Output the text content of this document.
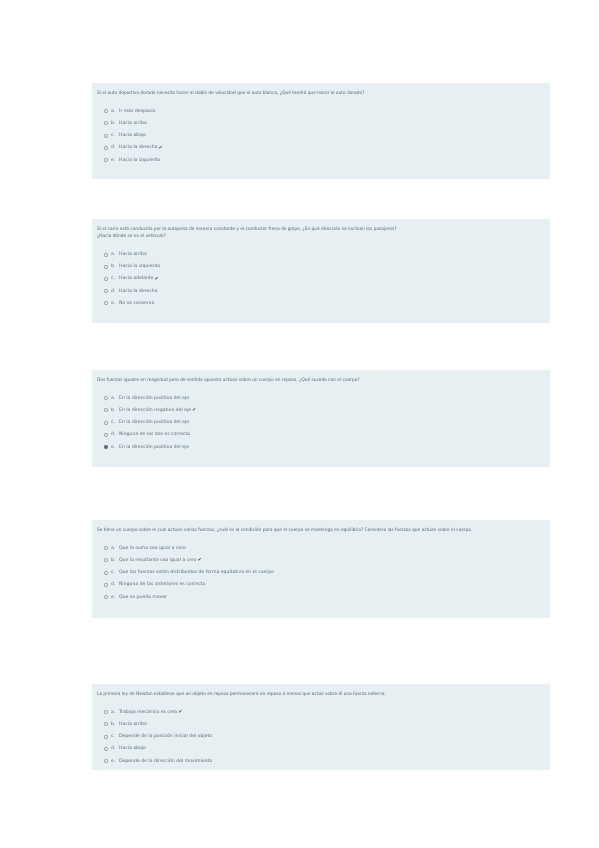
Si el auto deportivo dorado necesita hacer al doble de velocidad que el auto blanco, ¿Qué tendrá que hacer el auto dorado?

a. Ir más despacio
b. Hacia arriba
c. Hacia abajo
d. Hacia la derecha ✔
e. Hacia la izquierda

Si el carro está conducido por la autopista de manera constante y el conductor frena de golpe, ¿En qué dirección se inclinan los pasajeros?
¿Hacia dónde se va el vehículo?

a. Hacia arriba
b. Hacia la izquierda
c. Hacia adelante ✔
d. Hacia la derecha
e. No se conserva

Dos fuerzas iguales en magnitud pero de sentido opuesto actúan sobre un cuerpo en reposo. ¿Qué sucede con el cuerpo?

a. En la dirección positiva del eje
b. En la dirección negativa del eje ✔
c. En la dirección positiva del eje
d. Ninguna de las dos es correcta
e. En la dirección positiva del eje

Se tiene un cuerpo sobre el cual actúan varias fuerzas, ¿cuál es la condición para que el cuerpo se mantenga en equilibrio? Considera las fuerzas que actúan sobre el cuerpo.

a. Que la suma sea igual a cero
b. Que la resultante sea igual a cero ✔
c. Que las fuerzas estén distribuidas de forma equitativa en el cuerpo
d. Ninguna de las anteriores es correcta
e. Que se pueda mover

La primera ley de Newton establece que un objeto en reposo permanecerá en reposo a menos que actúe sobre él una fuerza externa.

a. Trabajo mecánico es cero ✔
b. Hacia arriba
c. Depende de la posición inicial del objeto
d. Hacia abajo
e. Depende de la dirección del movimiento
